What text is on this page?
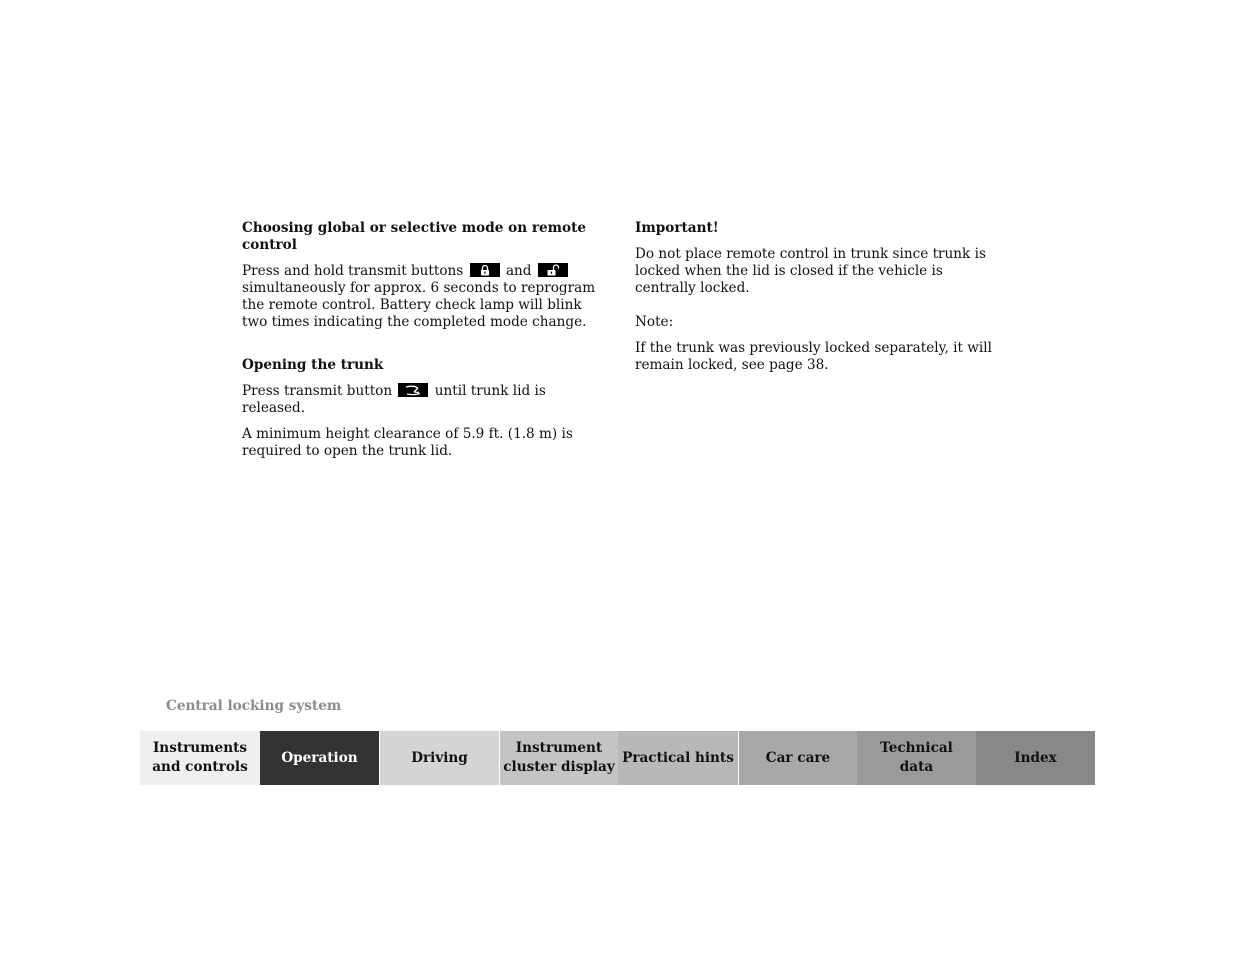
Choosing global or selective mode on remote control
Press and hold transmit buttons	and
simultaneously for approx. 6 seconds to reprogram the remote control. Battery check lamp will blink two times indicating the completed mode change.
Opening the trunk
Press transmit button	until trunk lid is released.
A minimum height clearance of 5.9 ft. (1.8 m) is required to open the trunk lid.
Important!
Do not place remote control in trunk since trunk is locked when the lid is closed if the vehicle is centrally locked.
Note:
If the trunk was previously locked separately, it will remain locked, see page 38.
Central locking system
Instruments
and controls
Operation	Driving
Instrument
cluster display
Practical hints Car care
Technical
data
Index
